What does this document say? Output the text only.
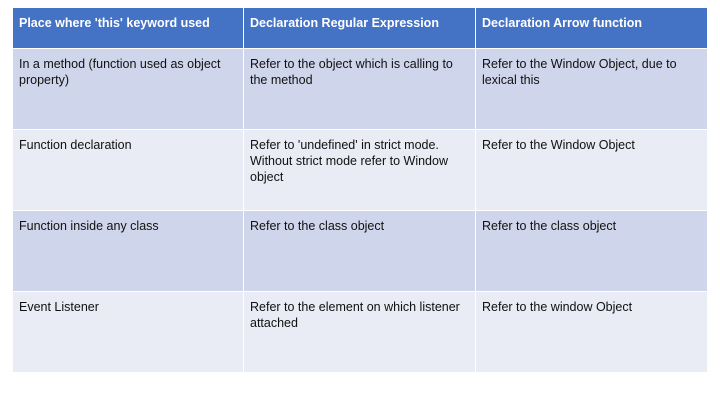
Place where 'this' keyword used	Declaration Regular Expression	Declaration Arrow function
In a method (function used as object property)	Refer to the object which is calling to the method	Refer to the Window Object, due to lexical this
Function declaration	Refer to 'undefined' in strict mode. Without strict mode refer to Window object	Refer to the Window Object
Function inside any class	Refer to the class object	Refer to the class object
Event Listener	Refer to the element on which listener attached	Refer to the window Object
